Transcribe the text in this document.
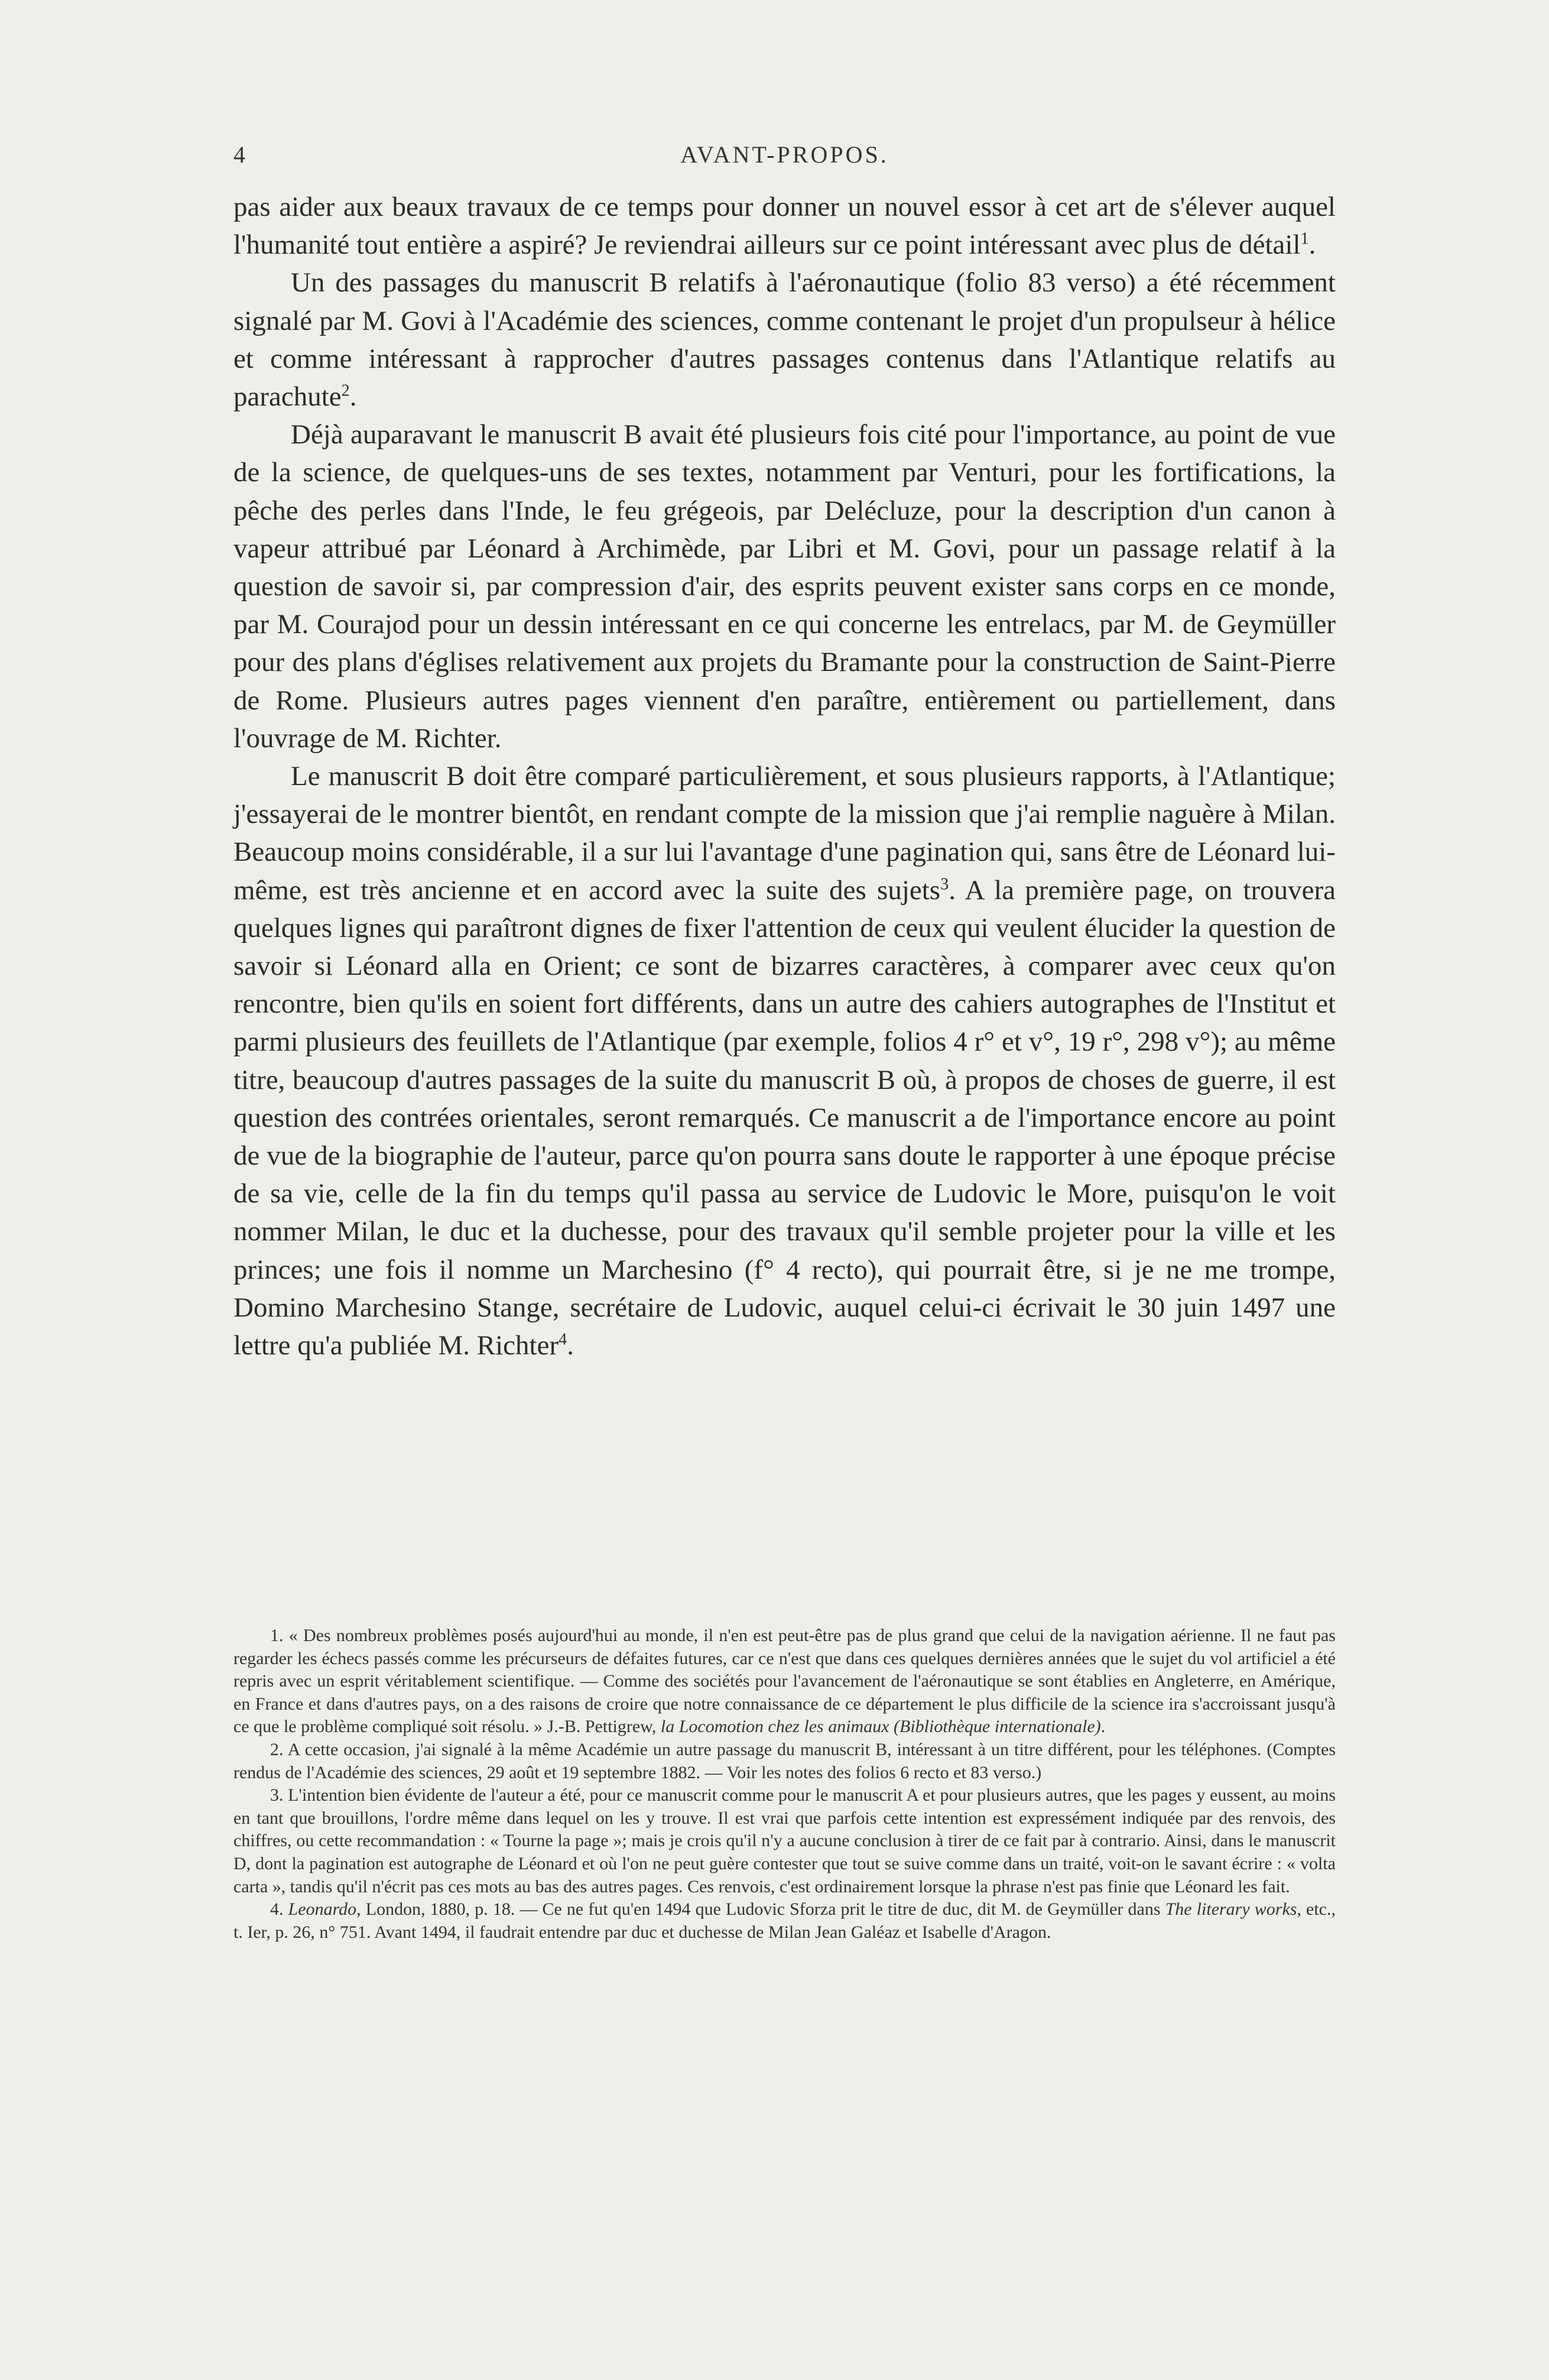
4	AVANT-PROPOS.

pas aider aux beaux travaux de ce temps pour donner un nouvel essor à cet art de s'élever auquel l'humanité tout entière a aspiré? Je reviendrai ailleurs sur ce point intéressant avec plus de détail$^1$.

Un des passages du manuscrit B relatifs à l'aéronautique (folio 83 verso) a été récemment signalé par M. Govi à l'Académie des sciences, comme contenant le projet d'un propulseur à hélice et comme intéressant à rapprocher d'autres passages contenus dans l'Atlantique relatifs au parachute$^2$.

Déjà auparavant le manuscrit B avait été plusieurs fois cité pour l'importance, au point de vue de la science, de quelques-uns de ses textes, notamment par Venturi, pour les fortifications, la pêche des perles dans l'Inde, le feu grégeois, par Delécluze, pour la description d'un canon à vapeur attribué par Léonard à Archimède, par Libri et M. Govi, pour un passage relatif à la question de savoir si, par compression d'air, des esprits peuvent exister sans corps en ce monde, par M. Courajod pour un dessin intéressant en ce qui concerne les entrelacs, par M. de Geymüller pour des plans d'églises relativement aux projets du Bramante pour la construction de Saint-Pierre de Rome. Plusieurs autres pages viennent d'en paraître, entièrement ou partiellement, dans l'ouvrage de M. Richter.

Le manuscrit B doit être comparé particulièrement, et sous plusieurs rapports, à l'Atlantique; j'essayerai de le montrer bientôt, en rendant compte de la mission que j'ai remplie naguère à Milan. Beaucoup moins considérable, il a sur lui l'avantage d'une pagination qui, sans être de Léonard lui-même, est très ancienne et en accord avec la suite des sujets$^3$. A la première page, on trouvera quelques lignes qui paraîtront dignes de fixer l'attention de ceux qui veulent élucider la question de savoir si Léonard alla en Orient; ce sont de bizarres caractères, à comparer avec ceux qu'on rencontre, bien qu'ils en soient fort différents, dans un autre des cahiers autographes de l'Institut et parmi plusieurs des feuillets de l'Atlantique (par exemple, folios 4 r° et v°, 19 r°, 298 v°); au même titre, beaucoup d'autres passages de la suite du manuscrit B où, à propos de choses de guerre, il est question des contrées orientales, seront remarqués. Ce manuscrit a de l'importance encore au point de vue de la biographie de l'auteur, parce qu'on pourra sans doute le rapporter à une époque précise de sa vie, celle de la fin du temps qu'il passa au service de Ludovic le More, puisqu'on le voit nommer Milan, le duc et la duchesse, pour des travaux qu'il semble projeter pour la ville et les princes; une fois il nomme un Marchesino (f° 4 recto), qui pourrait être, si je ne me trompe, Domino Marchesino Stange, secrétaire de Ludovic, auquel celui-ci écrivait le 30 juin 1497 une lettre qu'a publiée M. Richter$^4$.

1. « Des nombreux problèmes posés aujourd'hui au monde, il n'en est peut-être pas de plus grand que celui de la navigation aérienne. Il ne faut pas regarder les échecs passés comme les précurseurs de défaites futures, car ce n'est que dans ces quelques dernières années que le sujet du vol artificiel a été repris avec un esprit véritablement scientifique. — Comme des sociétés pour l'avancement de l'aéronautique se sont établies en Angleterre, en Amérique, en France et dans d'autres pays, on a des raisons de croire que notre connaissance de ce département le plus difficile de la science ira s'accroissant jusqu'à ce que le problème compliqué soit résolu. » J.-B. Pettigrew, la Locomotion chez les animaux (Bibliothèque internationale).

2. A cette occasion, j'ai signalé à la même Académie un autre passage du manuscrit B, intéressant à un titre différent, pour les téléphones. (Comptes rendus de l'Académie des sciences, 29 août et 19 septembre 1882. — Voir les notes des folios 6 recto et 83 verso.)

3. L'intention bien évidente de l'auteur a été, pour ce manuscrit comme pour le manuscrit A et pour plusieurs autres, que les pages y eussent, au moins en tant que brouillons, l'ordre même dans lequel on les y trouve. Il est vrai que parfois cette intention est expressément indiquée par des renvois, des chiffres, ou cette recommandation : « Tourne la page »; mais je crois qu'il n'y a aucune conclusion à tirer de ce fait par à contrario. Ainsi, dans le manuscrit D, dont la pagination est autographe de Léonard et où l'on ne peut guère contester que tout se suive comme dans un traité, voit-on le savant écrire : « volta carta », tandis qu'il n'écrit pas ces mots au bas des autres pages. Ces renvois, c'est ordinairement lorsque la phrase n'est pas finie que Léonard les fait.

4. Leonardo, London, 1880, p. 18. — Ce ne fut qu'en 1494 que Ludovic Sforza prit le titre de duc, dit M. de Geymüller dans The literary works, etc., t. Ier, p. 26, n° 751. Avant 1494, il faudrait entendre par duc et duchesse de Milan Jean Galéaz et Isabelle d'Aragon.
